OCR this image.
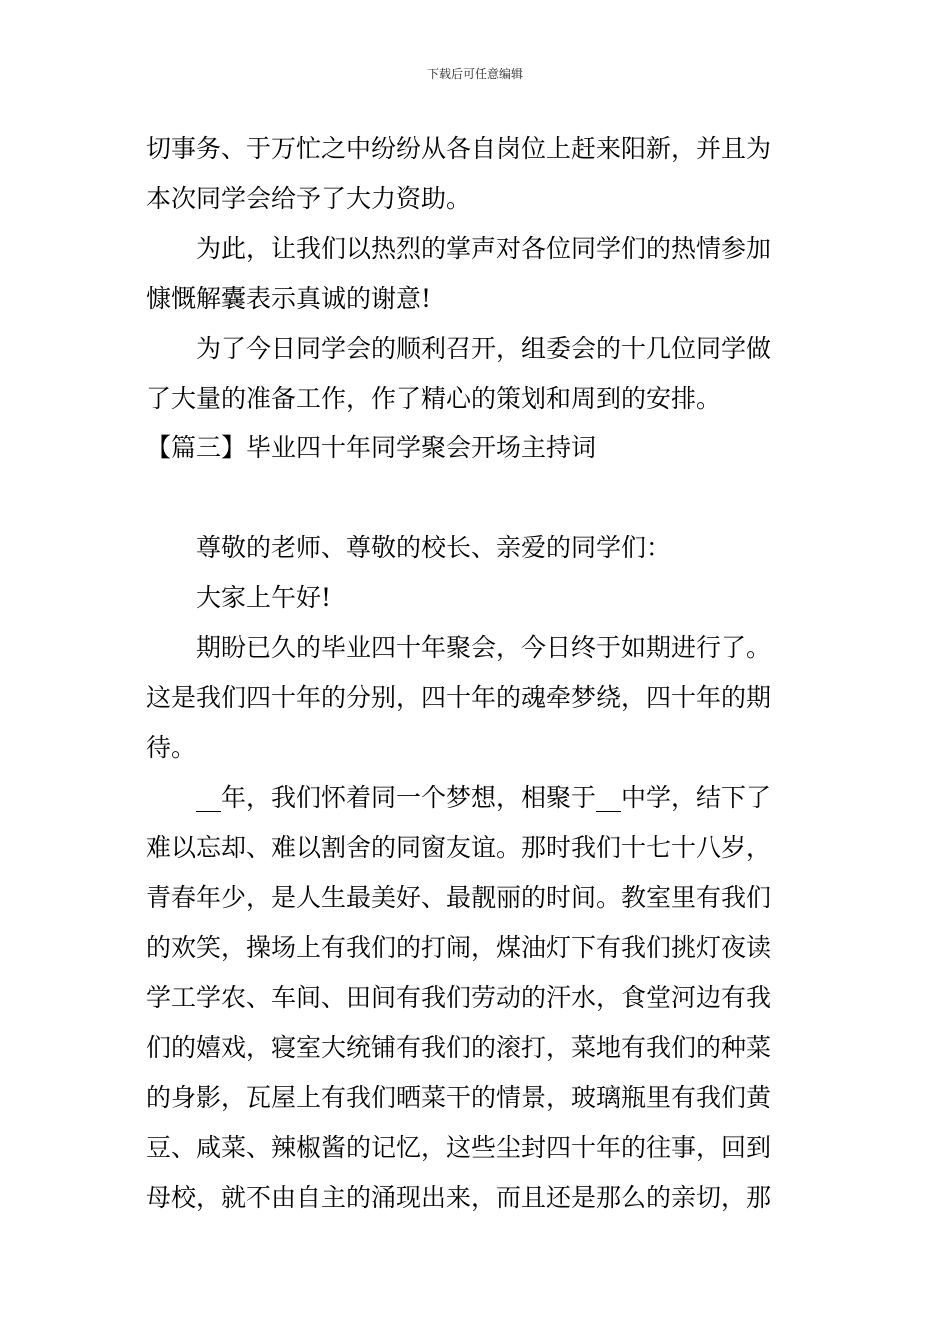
下载后可任意编辑
切事务、于万忙之中纷纷从各自岗位上赶来阳新，并且为
本次同学会给予了大力资助。
为此，让我们以热烈的掌声对各位同学们的热情参加
慷慨解囊表示真诚的谢意!
为了今日同学会的顺利召开，组委会的十几位同学做
了大量的准备工作，作了精心的策划和周到的安排。
【篇三】毕业四十年同学聚会开场主持词
尊敬的老师、尊敬的校长、亲爱的同学们：
大家上午好!
期盼已久的毕业四十年聚会，今日终于如期进行了。
这是我们四十年的分别，四十年的魂牵梦绕，四十年的期
待。
__年，我们怀着同一个梦想，相聚于__中学，结下了
难以忘却、难以割舍的同窗友谊。那时我们十七十八岁，
青春年少，是人生最美好、最靓丽的时间。教室里有我们
的欢笑，操场上有我们的打闹，煤油灯下有我们挑灯夜读
学工学农、车间、田间有我们劳动的汗水，食堂河边有我
们的嬉戏，寝室大统铺有我们的滚打，菜地有我们的种菜
的身影，瓦屋上有我们晒菜干的情景，玻璃瓶里有我们黄
豆、咸菜、辣椒酱的记忆，这些尘封四十年的往事，回到
母校，就不由自主的涌现出来，而且还是那么的亲切，那
